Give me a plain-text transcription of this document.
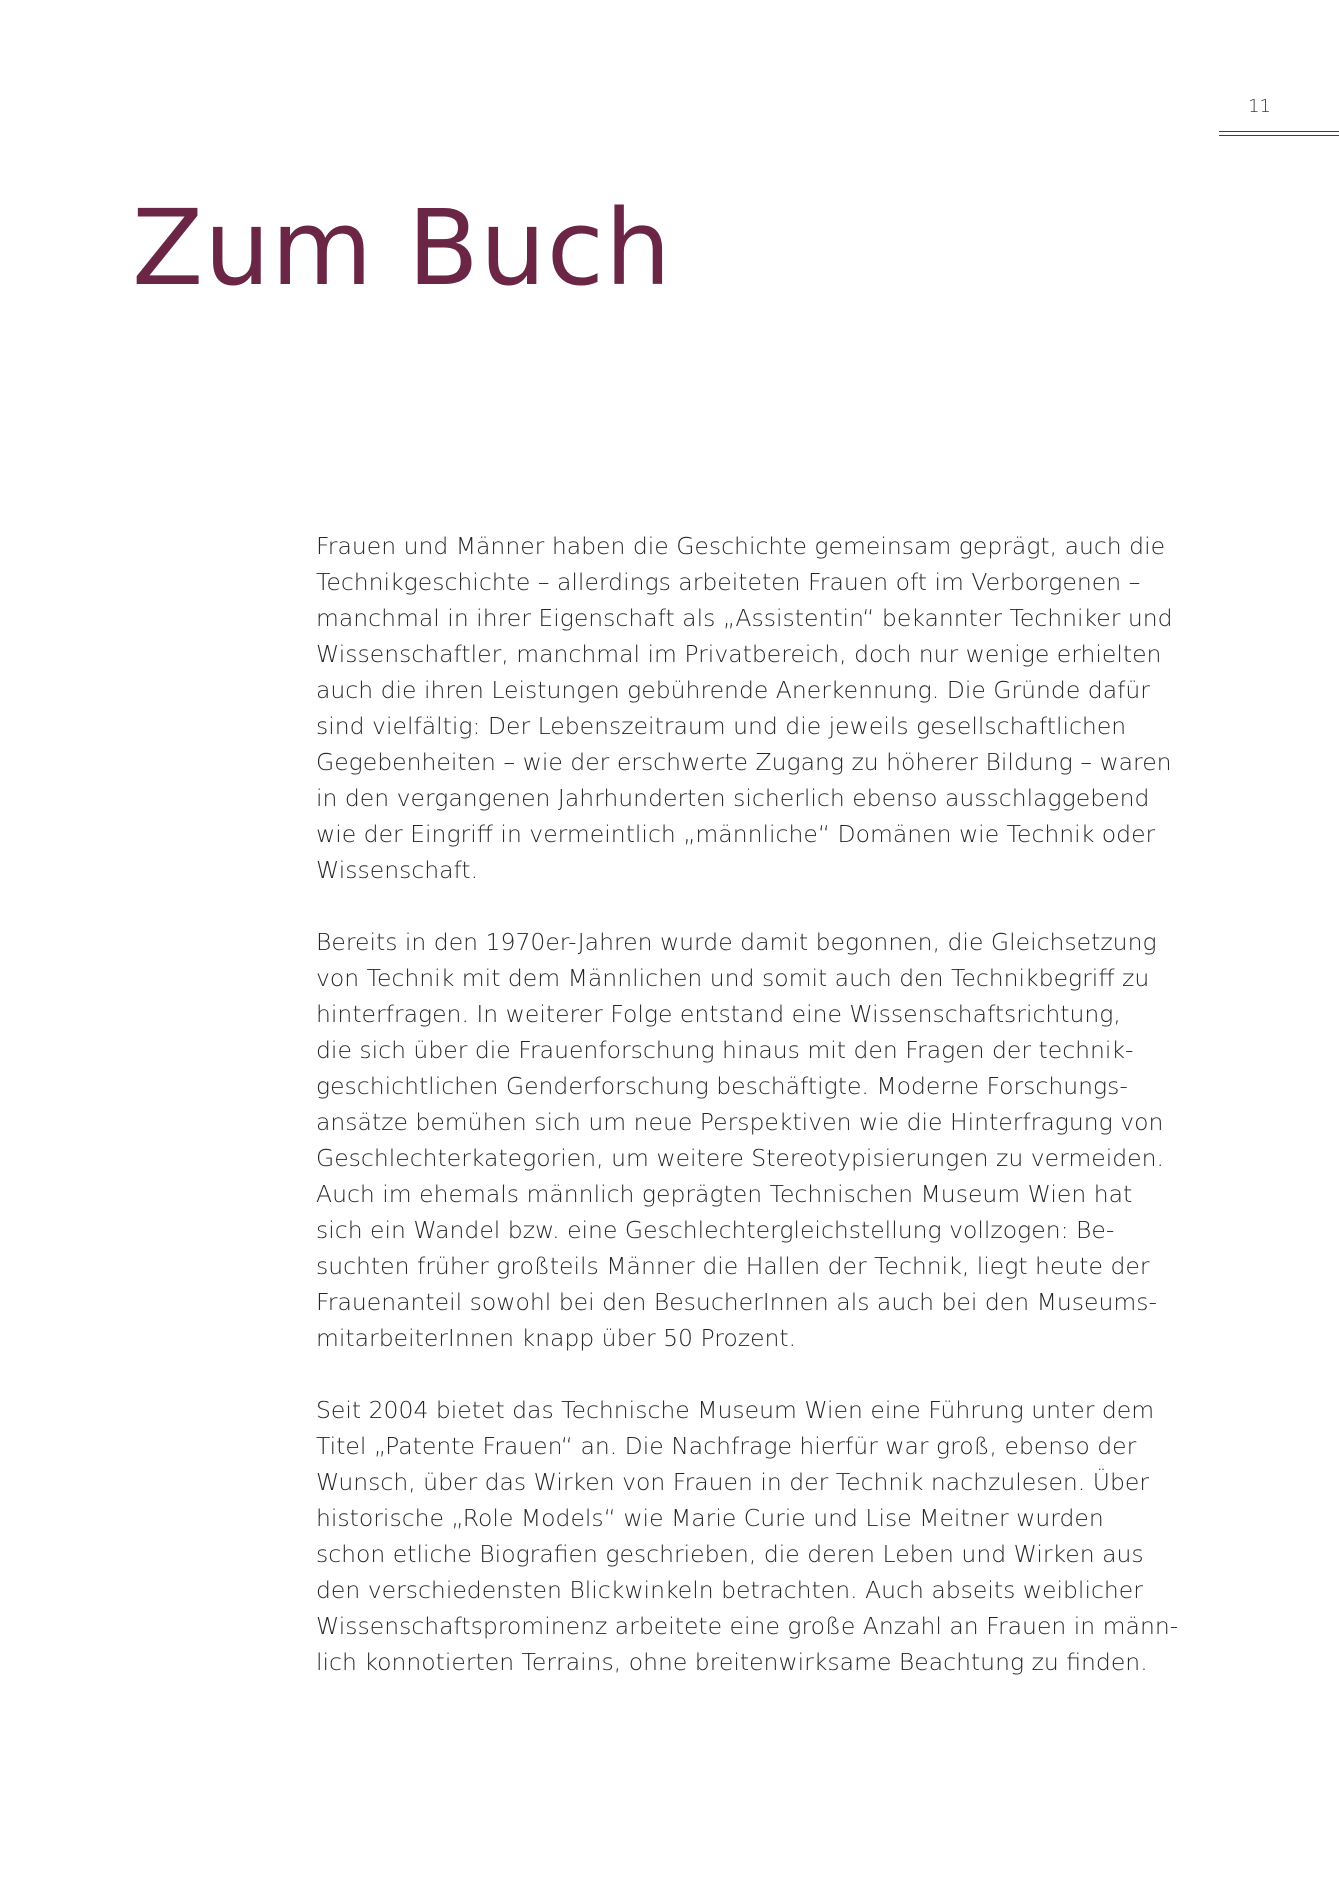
11
Zum Buch

Frauen und Männer haben die Geschichte gemeinsam geprägt, auch die
Technikgeschichte – allerdings arbeiteten Frauen oft im Verborgenen –
manchmal in ihrer Eigenschaft als „Assistentin“ bekannter Techniker und
Wissenschaftler, manchmal im Privatbereich, doch nur wenige erhielten
auch die ihren Leistungen gebührende Anerkennung. Die Gründe dafür
sind vielfältig: Der Lebenszeitraum und die jeweils gesellschaftlichen
Gegebenheiten – wie der erschwerte Zugang zu höherer Bildung – waren
in den vergangenen Jahrhunderten sicherlich ebenso ausschlaggebend
wie der Eingriff in vermeintlich „männliche“ Domänen wie Technik oder
Wissenschaft.

Bereits in den 1970er-Jahren wurde damit begonnen, die Gleichsetzung
von Technik mit dem Männlichen und somit auch den Technikbegriff zu
hinterfragen. In weiterer Folge entstand eine Wissenschaftsrichtung,
die sich über die Frauenforschung hinaus mit den Fragen der technik-
geschichtlichen Genderforschung beschäftigte. Moderne Forschungs-
ansätze bemühen sich um neue Perspektiven wie die Hinterfragung von
Geschlechterkategorien, um weitere Stereotypisierungen zu vermeiden.
Auch im ehemals männlich geprägten Technischen Museum Wien hat
sich ein Wandel bzw. eine Geschlechtergleichstellung vollzogen: Be-
suchten früher großteils Männer die Hallen der Technik, liegt heute der
Frauenanteil sowohl bei den BesucherInnen als auch bei den Museums-
mitarbeiterInnen knapp über 50 Prozent.

Seit 2004 bietet das Technische Museum Wien eine Führung unter dem
Titel „Patente Frauen“ an. Die Nachfrage hierfür war groß, ebenso der
Wunsch, über das Wirken von Frauen in der Technik nachzulesen. Über
historische „Role Models“ wie Marie Curie und Lise Meitner wurden
schon etliche Biografien geschrieben, die deren Leben und Wirken aus
den verschiedensten Blickwinkeln betrachten. Auch abseits weiblicher
Wissenschaftsprominenz arbeitete eine große Anzahl an Frauen in männ-
lich konnotierten Terrains, ohne breitenwirksame Beachtung zu finden.
